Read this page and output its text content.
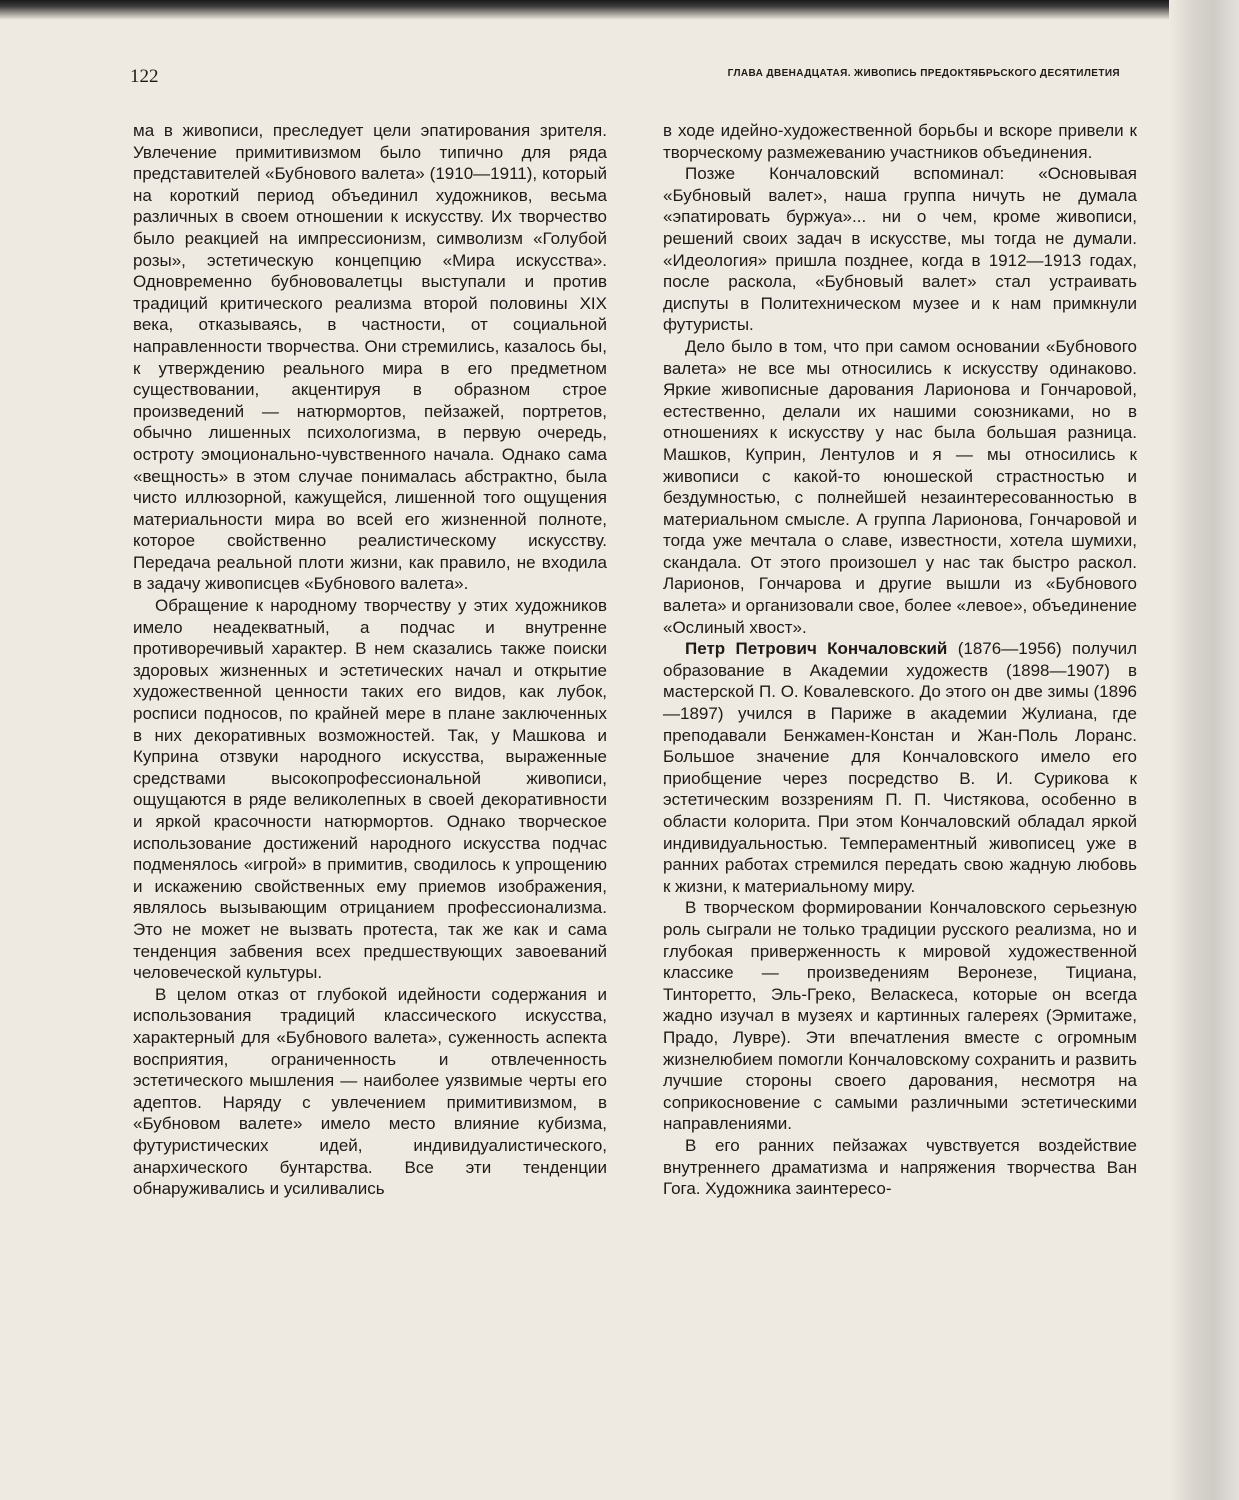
122	ГЛАВА ДВЕНАДЦАТАЯ. ЖИВОПИСЬ ПРЕДОКТЯБРЬСКОГО ДЕСЯТИЛЕТИЯ

ма в живописи, преследует цели эпатирования зрителя. Увлечение примитивизмом было типично для ряда представителей «Бубнового валета» (1910—1911), который на короткий период объединил художников, весьма различных в своем отношении к искусству. Их творчество было реакцией на импрессионизм, символизм «Голубой розы», эстетическую концепцию «Мира искусства». Одновременно бубнововалетцы выступали и против традиций критического реализма второй половины XIX века, отказываясь, в частности, от социальной направленности творчества. Они стремились, казалось бы, к утверждению реального мира в его предметном существовании, акцентируя в образном строе произведений — натюрмортов, пейзажей, портретов, обычно лишенных психологизма, в первую очередь, остроту эмоционально-чувственного начала. Однако сама «вещность» в этом случае понималась абстрактно, была чисто иллюзорной, кажущейся, лишенной того ощущения материальности мира во всей его жизненной полноте, которое свойственно реалистическому искусству. Передача реальной плоти жизни, как правило, не входила в задачу живописцев «Бубнового валета».

Обращение к народному творчеству у этих художников имело неадекватный, а подчас и внутренне противоречивый характер. В нем сказались также поиски здоровых жизненных и эстетических начал и открытие художественной ценности таких его видов, как лубок, росписи подносов, по крайней мере в плане заключенных в них декоративных возможностей. Так, у Машкова и Куприна отзвуки народного искусства, выраженные средствами высокопрофессиональной живописи, ощущаются в ряде великолепных в своей декоративности и яркой красочности натюрмортов. Однако творческое использование достижений народного искусства подчас подменялось «игрой» в примитив, сводилось к упрощению и искажению свойственных ему приемов изображения, являлось вызывающим отрицанием профессионализма. Это не может не вызвать протеста, так же как и сама тенденция забвения всех предшествующих завоеваний человеческой культуры.

В целом отказ от глубокой идейности содержания и использования традиций классического искусства, характерный для «Бубнового валета», суженность аспекта восприятия, ограниченность и отвлеченность эстетического мышления — наиболее уязвимые черты его адептов. Наряду с увлечением примитивизмом, в «Бубновом валете» имело место влияние кубизма, футуристических идей, индивидуалистического, анархического бунтарства. Все эти тенденции обнаруживались и усиливались

в ходе идейно-художественной борьбы и вскоре привели к творческому размежеванию участников объединения.

Позже Кончаловский вспоминал: «Основывая «Бубновый валет», наша группа ничуть не думала «эпатировать буржуа»... ни о чем, кроме живописи, решений своих задач в искусстве, мы тогда не думали. «Идеология» пришла позднее, когда в 1912—1913 годах, после раскола, «Бубновый валет» стал устраивать диспуты в Политехническом музее и к нам примкнули футуристы.

Дело было в том, что при самом основании «Бубнового валета» не все мы относились к искусству одинаково. Яркие живописные дарования Ларионова и Гончаровой, естественно, делали их нашими союзниками, но в отношениях к искусству у нас была большая разница. Машков, Куприн, Лентулов и я — мы относились к живописи с какой-то юношеской страстностью и бездумностью, с полнейшей незаинтересованностью в материальном смысле. А группа Ларионова, Гончаровой и тогда уже мечтала о славе, известности, хотела шумихи, скандала. От этого произошел у нас так быстро раскол. Ларионов, Гончарова и другие вышли из «Бубнового валета» и организовали свое, более «левое», объединение «Ослиный хвост».

Петр Петрович Кончаловский (1876—1956) получил образование в Академии художеств (1898—1907) в мастерской П. О. Ковалевского. До этого он две зимы (1896—1897) учился в Париже в академии Жулиана, где преподавали Бенжамен-Констан и Жан-Поль Лоранс. Большое значение для Кончаловского имело его приобщение через посредство В. И. Сурикова к эстетическим воззрениям П. П. Чистякова, особенно в области колорита. При этом Кончаловский обладал яркой индивидуальностью. Темпераментный живописец уже в ранних работах стремился передать свою жадную любовь к жизни, к материальному миру.

В творческом формировании Кончаловского серьезную роль сыграли не только традиции русского реализма, но и глубокая приверженность к мировой художественной классике — произведениям Веронезе, Тициана, Тинторетто, Эль-Греко, Веласкеса, которые он всегда жадно изучал в музеях и картинных галереях (Эрмитаже, Прадо, Лувре). Эти впечатления вместе с огромным жизнелюбием помогли Кончаловскому сохранить и развить лучшие стороны своего дарования, несмотря на соприкосновение с самыми различными эстетическими направлениями.

В его ранних пейзажах чувствуется воздействие внутреннего драматизма и напряжения творчества Ван Гога. Художника заинтересо-
